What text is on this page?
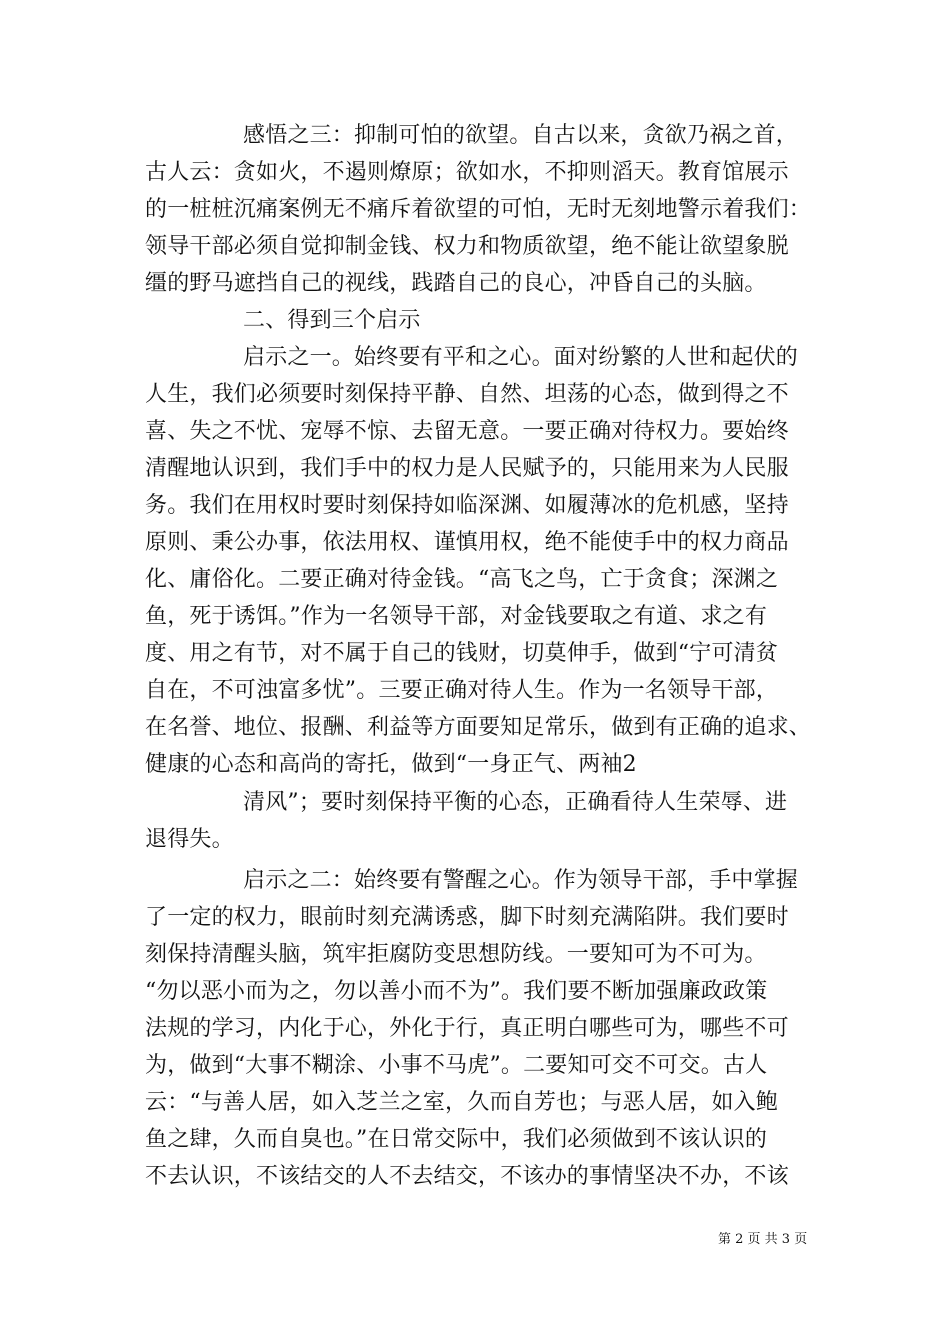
感悟之三：抑制可怕的欲望。自古以来，贪欲乃祸之首，
古人云：贪如火，不遏则燎原；欲如水，不抑则滔天。教育馆展示
的一桩桩沉痛案例无不痛斥着欲望的可怕，无时无刻地警示着我们：
领导干部必须自觉抑制金钱、权力和物质欲望，绝不能让欲望象脱
缰的野马遮挡自己的视线，践踏自己的良心，冲昏自己的头脑。
二、得到三个启示
启示之一。始终要有平和之心。面对纷繁的人世和起伏的
人生，我们必须要时刻保持平静、自然、坦荡的心态，做到得之不
喜、失之不忧、宠辱不惊、去留无意。一要正确对待权力。要始终
清醒地认识到，我们手中的权力是人民赋予的，只能用来为人民服
务。我们在用权时要时刻保持如临深渊、如履薄冰的危机感，坚持
原则、秉公办事，依法用权、谨慎用权，绝不能使手中的权力商品
化、庸俗化。二要正确对待金钱。“高飞之鸟，亡于贪食；深渊之
鱼，死于诱饵。”作为一名领导干部，对金钱要取之有道、求之有
度、用之有节，对不属于自己的钱财，切莫伸手，做到“宁可清贫
自在，不可浊富多忧”。三要正确对待人生。作为一名领导干部，
在名誉、地位、报酬、利益等方面要知足常乐，做到有正确的追求、
健康的心态和高尚的寄托，做到“一身正气、两袖2
清风”；要时刻保持平衡的心态，正确看待人生荣辱、进
退得失。
启示之二：始终要有警醒之心。作为领导干部，手中掌握
了一定的权力，眼前时刻充满诱惑，脚下时刻充满陷阱。我们要时
刻保持清醒头脑，筑牢拒腐防变思想防线。一要知可为不可为。
“勿以恶小而为之，勿以善小而不为”。我们要不断加强廉政政策
法规的学习，内化于心，外化于行，真正明白哪些可为，哪些不可
为，做到“大事不糊涂、小事不马虎”。二要知可交不可交。古人
云：“与善人居，如入芝兰之室，久而自芳也；与恶人居，如入鲍
鱼之肆，久而自臭也。”在日常交际中，我们必须做到不该认识的
不去认识，不该结交的人不去结交，不该办的事情坚决不办，不该
第 2 页 共 3 页
